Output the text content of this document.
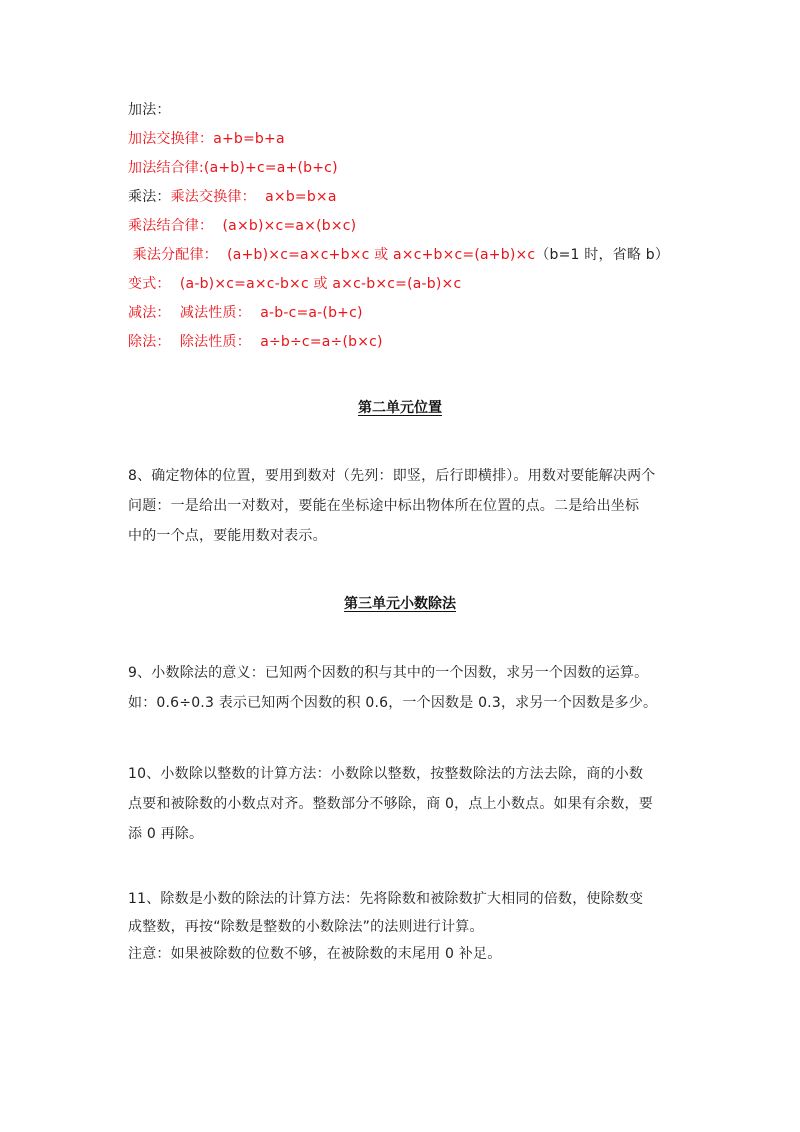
加法：
加法交换律：a+b=b+a
加法结合律:(a+b)+c=a+(b+c)
乘法：乘法交换律：  a×b=b×a
乘法结合律：  (a×b)×c=a×(b×c)
乘法分配律：  (a+b)×c=a×c+b×c 或 a×c+b×c=(a+b)×c（b=1 时，省略 b）
变式：  (a-b)×c=a×c-b×c 或 a×c-b×c=(a-b)×c
减法：  减法性质：  a-b-c=a-(b+c)
除法：  除法性质：  a÷b÷c=a÷(b×c)
第二单元位置
8、确定物体的位置，要用到数对（先列：即竖，后行即横排）。用数对要能解决两个
问题：一是给出一对数对，要能在坐标途中标出物体所在位置的点。二是给出坐标
中的一个点，要能用数对表示。
第三单元小数除法
9、小数除法的意义：已知两个因数的积与其中的一个因数，求另一个因数的运算。
如：0.6÷0.3 表示已知两个因数的积 0.6，一个因数是 0.3，求另一个因数是多少。
10、小数除以整数的计算方法：小数除以整数，按整数除法的方法去除，商的小数
点要和被除数的小数点对齐。整数部分不够除，商 0，点上小数点。如果有余数，要
添 0 再除。
11、除数是小数的除法的计算方法：先将除数和被除数扩大相同的倍数，使除数变
成整数，再按“除数是整数的小数除法”的法则进行计算。
注意：如果被除数的位数不够，在被除数的末尾用 0 补足。
